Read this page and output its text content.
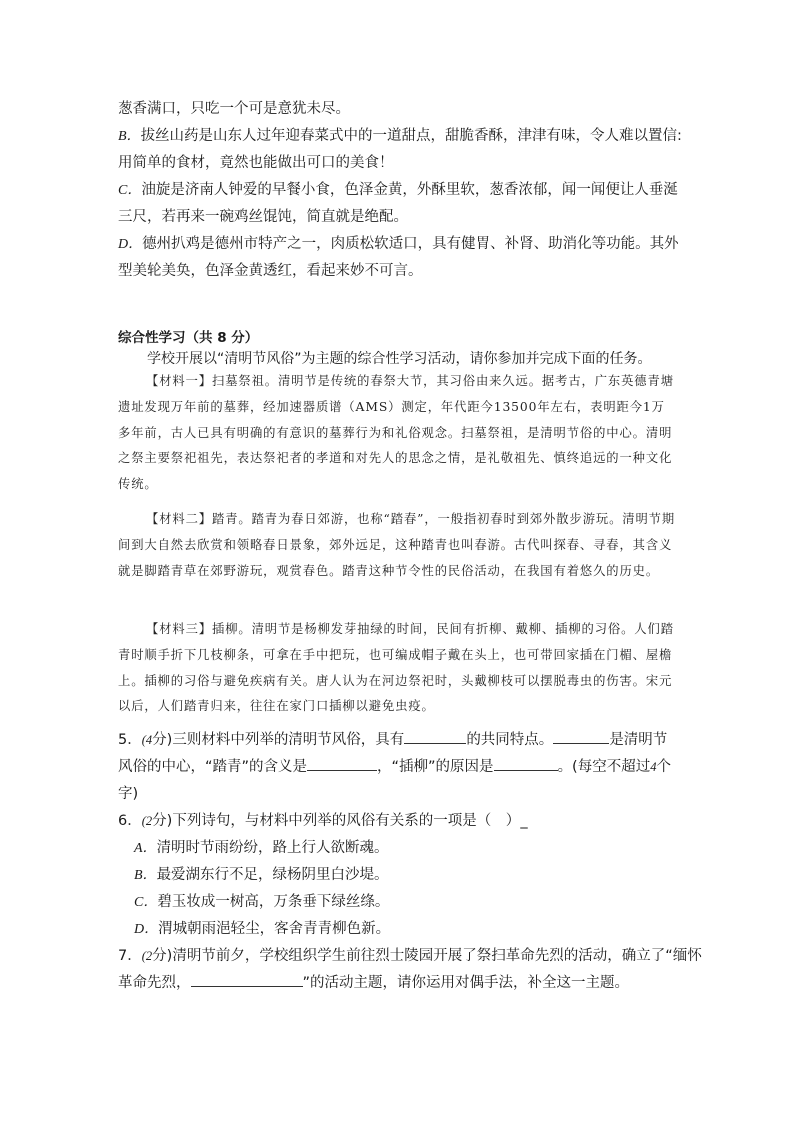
葱香满口，只吃一个可是意犹未尽。
B．拔丝山药是山东人过年迎春菜式中的一道甜点，甜脆香酥，津津有味，令人难以置信:
用简单的食材，竟然也能做出可口的美食！
C．油旋是济南人钟爱的早餐小食，色泽金黄，外酥里软，葱香浓郁，闻一闻便让人垂涎
三尺，若再来一碗鸡丝馄饨，简直就是绝配。
D．德州扒鸡是德州市特产之一，肉质松软适口，具有健胃、补肾、助消化等功能。其外
型美轮美奂，色泽金黄透红，看起来妙不可言。
综合性学习（共 8 分）
学校开展以“清明节风俗”为主题的综合性学习活动，请你参加并完成下面的任务。
【材料一】扫墓祭祖。清明节是传统的春祭大节，其习俗由来久远。据考古，广东英德青塘遗址发现万年前的墓葬，经加速器质谱（AMS）测定，年代距今13500年左右，表明距今1万多年前，古人已具有明确的有意识的墓葬行为和礼俗观念。扫墓祭祖，是清明节俗的中心。清明之祭主要祭祀祖先，表达祭祀者的孝道和对先人的思念之情，是礼敬祖先、慎终追远的一种文化传统。
【材料二】踏青。踏青为春日郊游，也称“踏春”，一般指初春时到郊外散步游玩。清明节期间到大自然去欣赏和领略春日景象，郊外远足，这种踏青也叫春游。古代叫探春、寻春，其含义就是脚踏青草在郊野游玩，观赏春色。踏青这种节令性的民俗活动，在我国有着悠久的历史。
【材料三】插柳。清明节是杨柳发芽抽绿的时间，民间有折柳、戴柳、插柳的习俗。人们踏青时顺手折下几枝柳条，可拿在手中把玩，也可编成帽子戴在头上，也可带回家插在门楣、屋檐上。插柳的习俗与避免疾病有关。唐人认为在河边祭祀时，头戴柳枝可以摆脱毒虫的伤害。宋元以后，人们踏青归来，往往在家门口插柳以避免虫疫。
5．(4分)三则材料中列举的清明节风俗，具有	的共同特点。	是清明节
风俗的中心，“踏青”的含义是	，“插柳”的原因是	。(每空不超过4个
字)
6．(2分)下列诗句，与材料中列举的风俗有关系的一项是（　）_
A．清明时节雨纷纷，路上行人欲断魂。
B．最爱湖东行不足，绿杨阴里白沙堤。
C．碧玉妆成一树高，万条垂下绿丝绦。
D．渭城朝雨浥轻尘，客舍青青柳色新。
7．(2分)清明节前夕，学校组织学生前往烈士陵园开展了祭扫革命先烈的活动，确立了“缅怀
革命先烈，	”的活动主题，请你运用对偶手法，补全这一主题。
